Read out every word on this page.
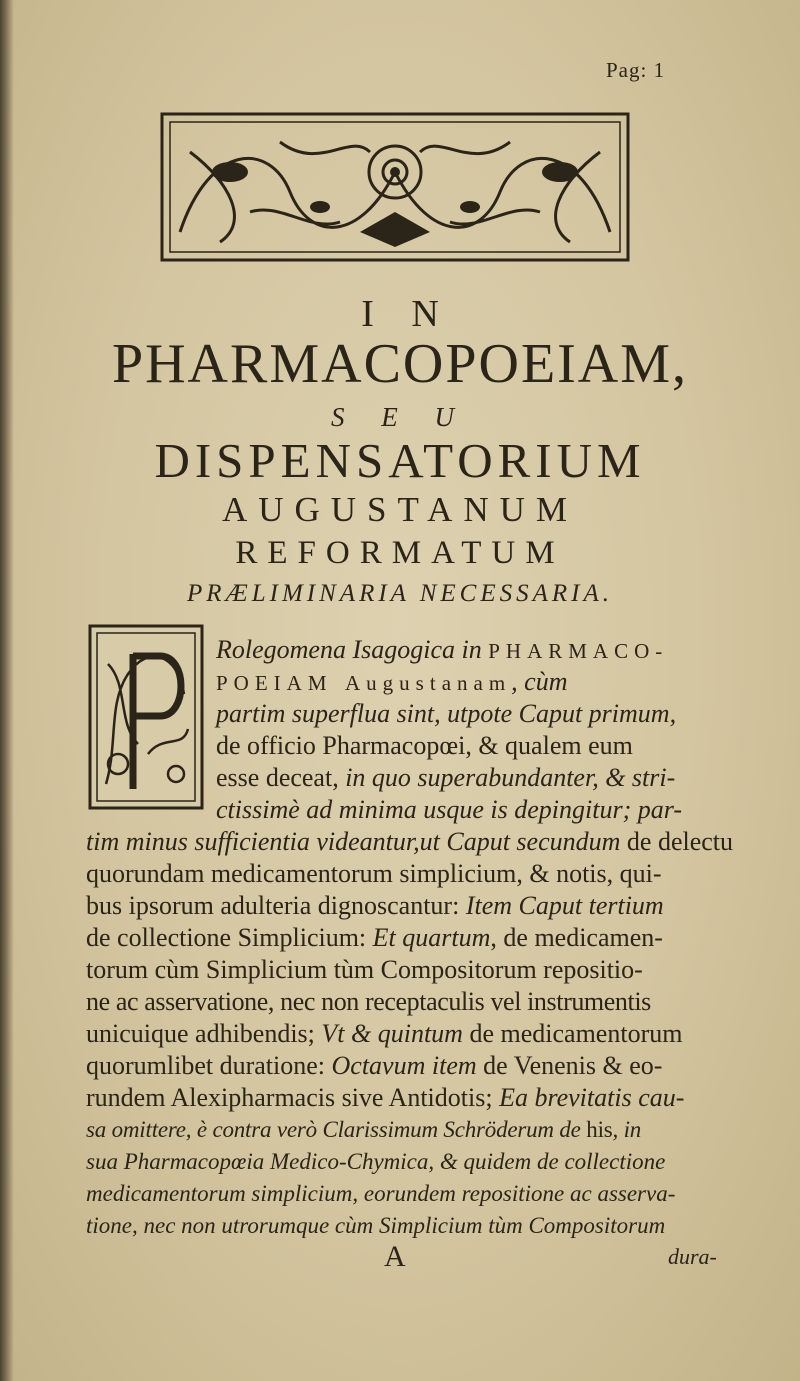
Pag: 1
I N
PHARMACOPOEIAM,
S E U
DISPENSATORIUM
AUGUSTANUM
REFORMATUM
PRÆLIMINARIA NECESSARIA.
Rolegomena Isagogica in PHARMACO-
POEIAM Augustanam, cùm
partim superflua sint, utpote Caput primum,
de officio Pharmacopœi, & qualem eum
esse deceat, in quo superabundanter, & stri-
ctissimè ad minima usque is depingitur; par-
tim minus sufficientia videantur,ut Caput secundum de delectu
quorundam medicamentorum simplicium, & notis, qui-
bus ipsorum adulteria dignoscantur: Item Caput tertium
de collectione Simplicium: Et quartum, de medicamen-
torum cùm Simplicium tùm Compositorum repositio-
ne ac asservatione, nec non receptaculis vel instrumentis
unicuique adhibendis; Vt & quintum de medicamentorum
quorumlibet duratione: Octavum item de Venenis & eo-
rundem Alexipharmacis sive Antidotis; Ea brevitatis cau-
sa omittere, è contra verò Clarissimum Schröderum de his, in
sua Pharmacopœia Medico-Chymica, & quidem de collectione
medicamentorum simplicium, eorundem repositione ac asserva-
tione, nec non utrorumque cùm Simplicium tùm Compositorum
A	dura-
